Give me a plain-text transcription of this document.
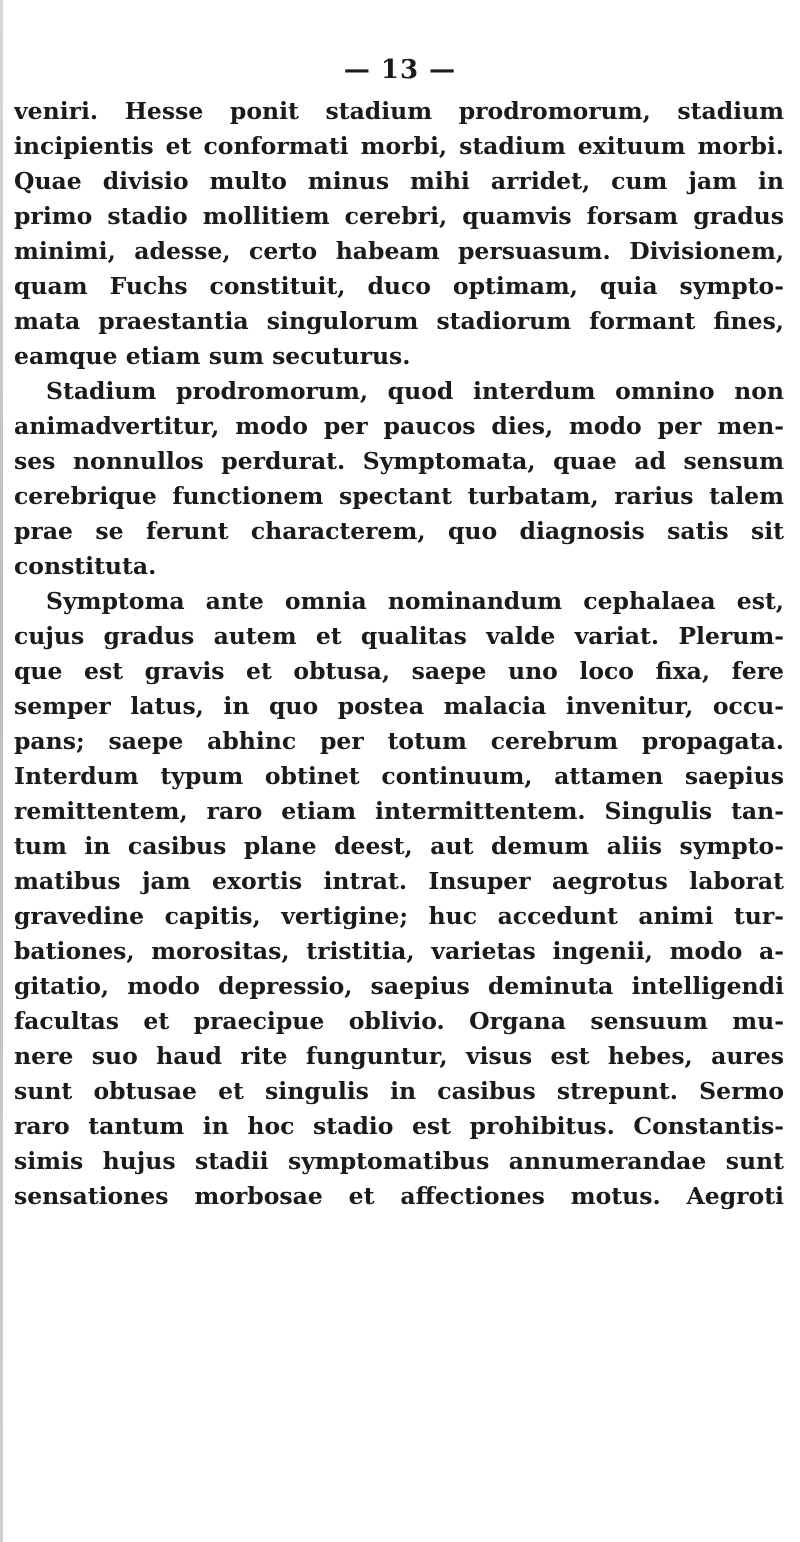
— 13 —
veniri. Hesse ponit stadium prodromorum, stadium
incipientis et conformati morbi, stadium exituum morbi.
Quae divisio multo minus mihi arridet, cum jam in
primo stadio mollitiem cerebri, quamvis forsam gradus
minimi, adesse, certo habeam persuasum. Divisionem,
quam Fuchs constituit, duco optimam, quia sympto-
mata praestantia singulorum stadiorum formant fines,
eamque etiam sum secuturus.
Stadium prodromorum, quod interdum omnino non
animadvertitur, modo per paucos dies, modo per men-
ses nonnullos perdurat. Symptomata, quae ad sensum
cerebrique functionem spectant turbatam, rarius talem
prae se ferunt characterem, quo diagnosis satis sit
constituta.
Symptoma ante omnia nominandum cephalaea est,
cujus gradus autem et qualitas valde variat. Plerum-
que est gravis et obtusa, saepe uno loco fixa, fere
semper latus, in quo postea malacia invenitur, occu-
pans; saepe abhinc per totum cerebrum propagata.
Interdum typum obtinet continuum, attamen saepius
remittentem, raro etiam intermittentem. Singulis tan-
tum in casibus plane deest, aut demum aliis sympto-
matibus jam exortis intrat. Insuper aegrotus laborat
gravedine capitis, vertigine; huc accedunt animi tur-
bationes, morositas, tristitia, varietas ingenii, modo a-
gitatio, modo depressio, saepius deminuta intelligendi
facultas et praecipue oblivio. Organa sensuum mu-
nere suo haud rite funguntur, visus est hebes, aures
sunt obtusae et singulis in casibus strepunt. Sermo
raro tantum in hoc stadio est prohibitus. Constantis-
simis hujus stadii symptomatibus annumerandae sunt
sensationes morbosae et affectiones motus. Aegroti
